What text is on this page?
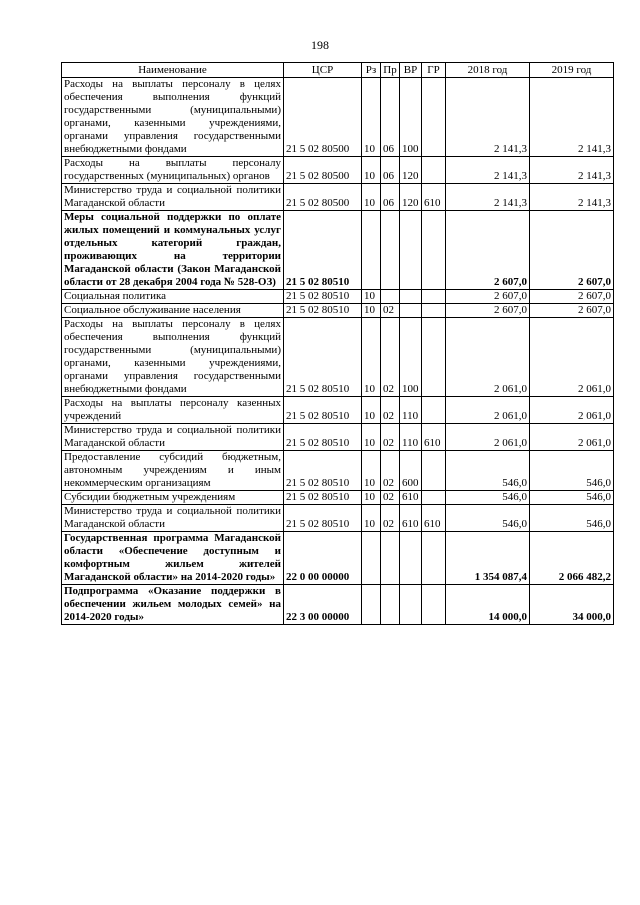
198
Наименование	ЦСР	Рз	Пр	ВР	ГР	2018 год	2019 год
Расходы на выплаты персоналу в целях обеспечения выполнения функций государственными (муниципальными) органами, казенными учреждениями, органами управления государственными внебюджетными фондами	21 5 02 80500	10	06	100		2 141,3	2 141,3
Расходы на выплаты персоналу государственных (муниципальных) органов	21 5 02 80500	10	06	120		2 141,3	2 141,3
Министерство труда и социальной политики Магаданской области	21 5 02 80500	10	06	120	610	2 141,3	2 141,3
Меры социальной поддержки по оплате жилых помещений и коммунальных услуг отдельных категорий граждан, проживающих на территории Магаданской области (Закон Магаданской области от 28 декабря 2004 года № 528-ОЗ)	21 5 02 80510					2 607,0	2 607,0
Социальная политика	21 5 02 80510	10				2 607,0	2 607,0
Социальное обслуживание населения	21 5 02 80510	10	02			2 607,0	2 607,0
Расходы на выплаты персоналу в целях обеспечения выполнения функций государственными (муниципальными) органами, казенными учреждениями, органами управления государственными внебюджетными фондами	21 5 02 80510	10	02	100		2 061,0	2 061,0
Расходы на выплаты персоналу казенных учреждений	21 5 02 80510	10	02	110		2 061,0	2 061,0
Министерство труда и социальной политики Магаданской области	21 5 02 80510	10	02	110	610	2 061,0	2 061,0
Предоставление субсидий бюджетным, автономным учреждениям и иным некоммерческим организациям	21 5 02 80510	10	02	600		546,0	546,0
Субсидии бюджетным учреждениям	21 5 02 80510	10	02	610		546,0	546,0
Министерство труда и социальной политики Магаданской области	21 5 02 80510	10	02	610	610	546,0	546,0
Государственная программа Магаданской области «Обеспечение доступным и комфортным жильем жителей Магаданской области» на 2014-2020 годы»	22 0 00 00000					1 354 087,4	2 066 482,2
Подпрограмма «Оказание поддержки в обеспечении жильем молодых семей» на 2014-2020 годы»	22 3 00 00000					14 000,0	34 000,0
